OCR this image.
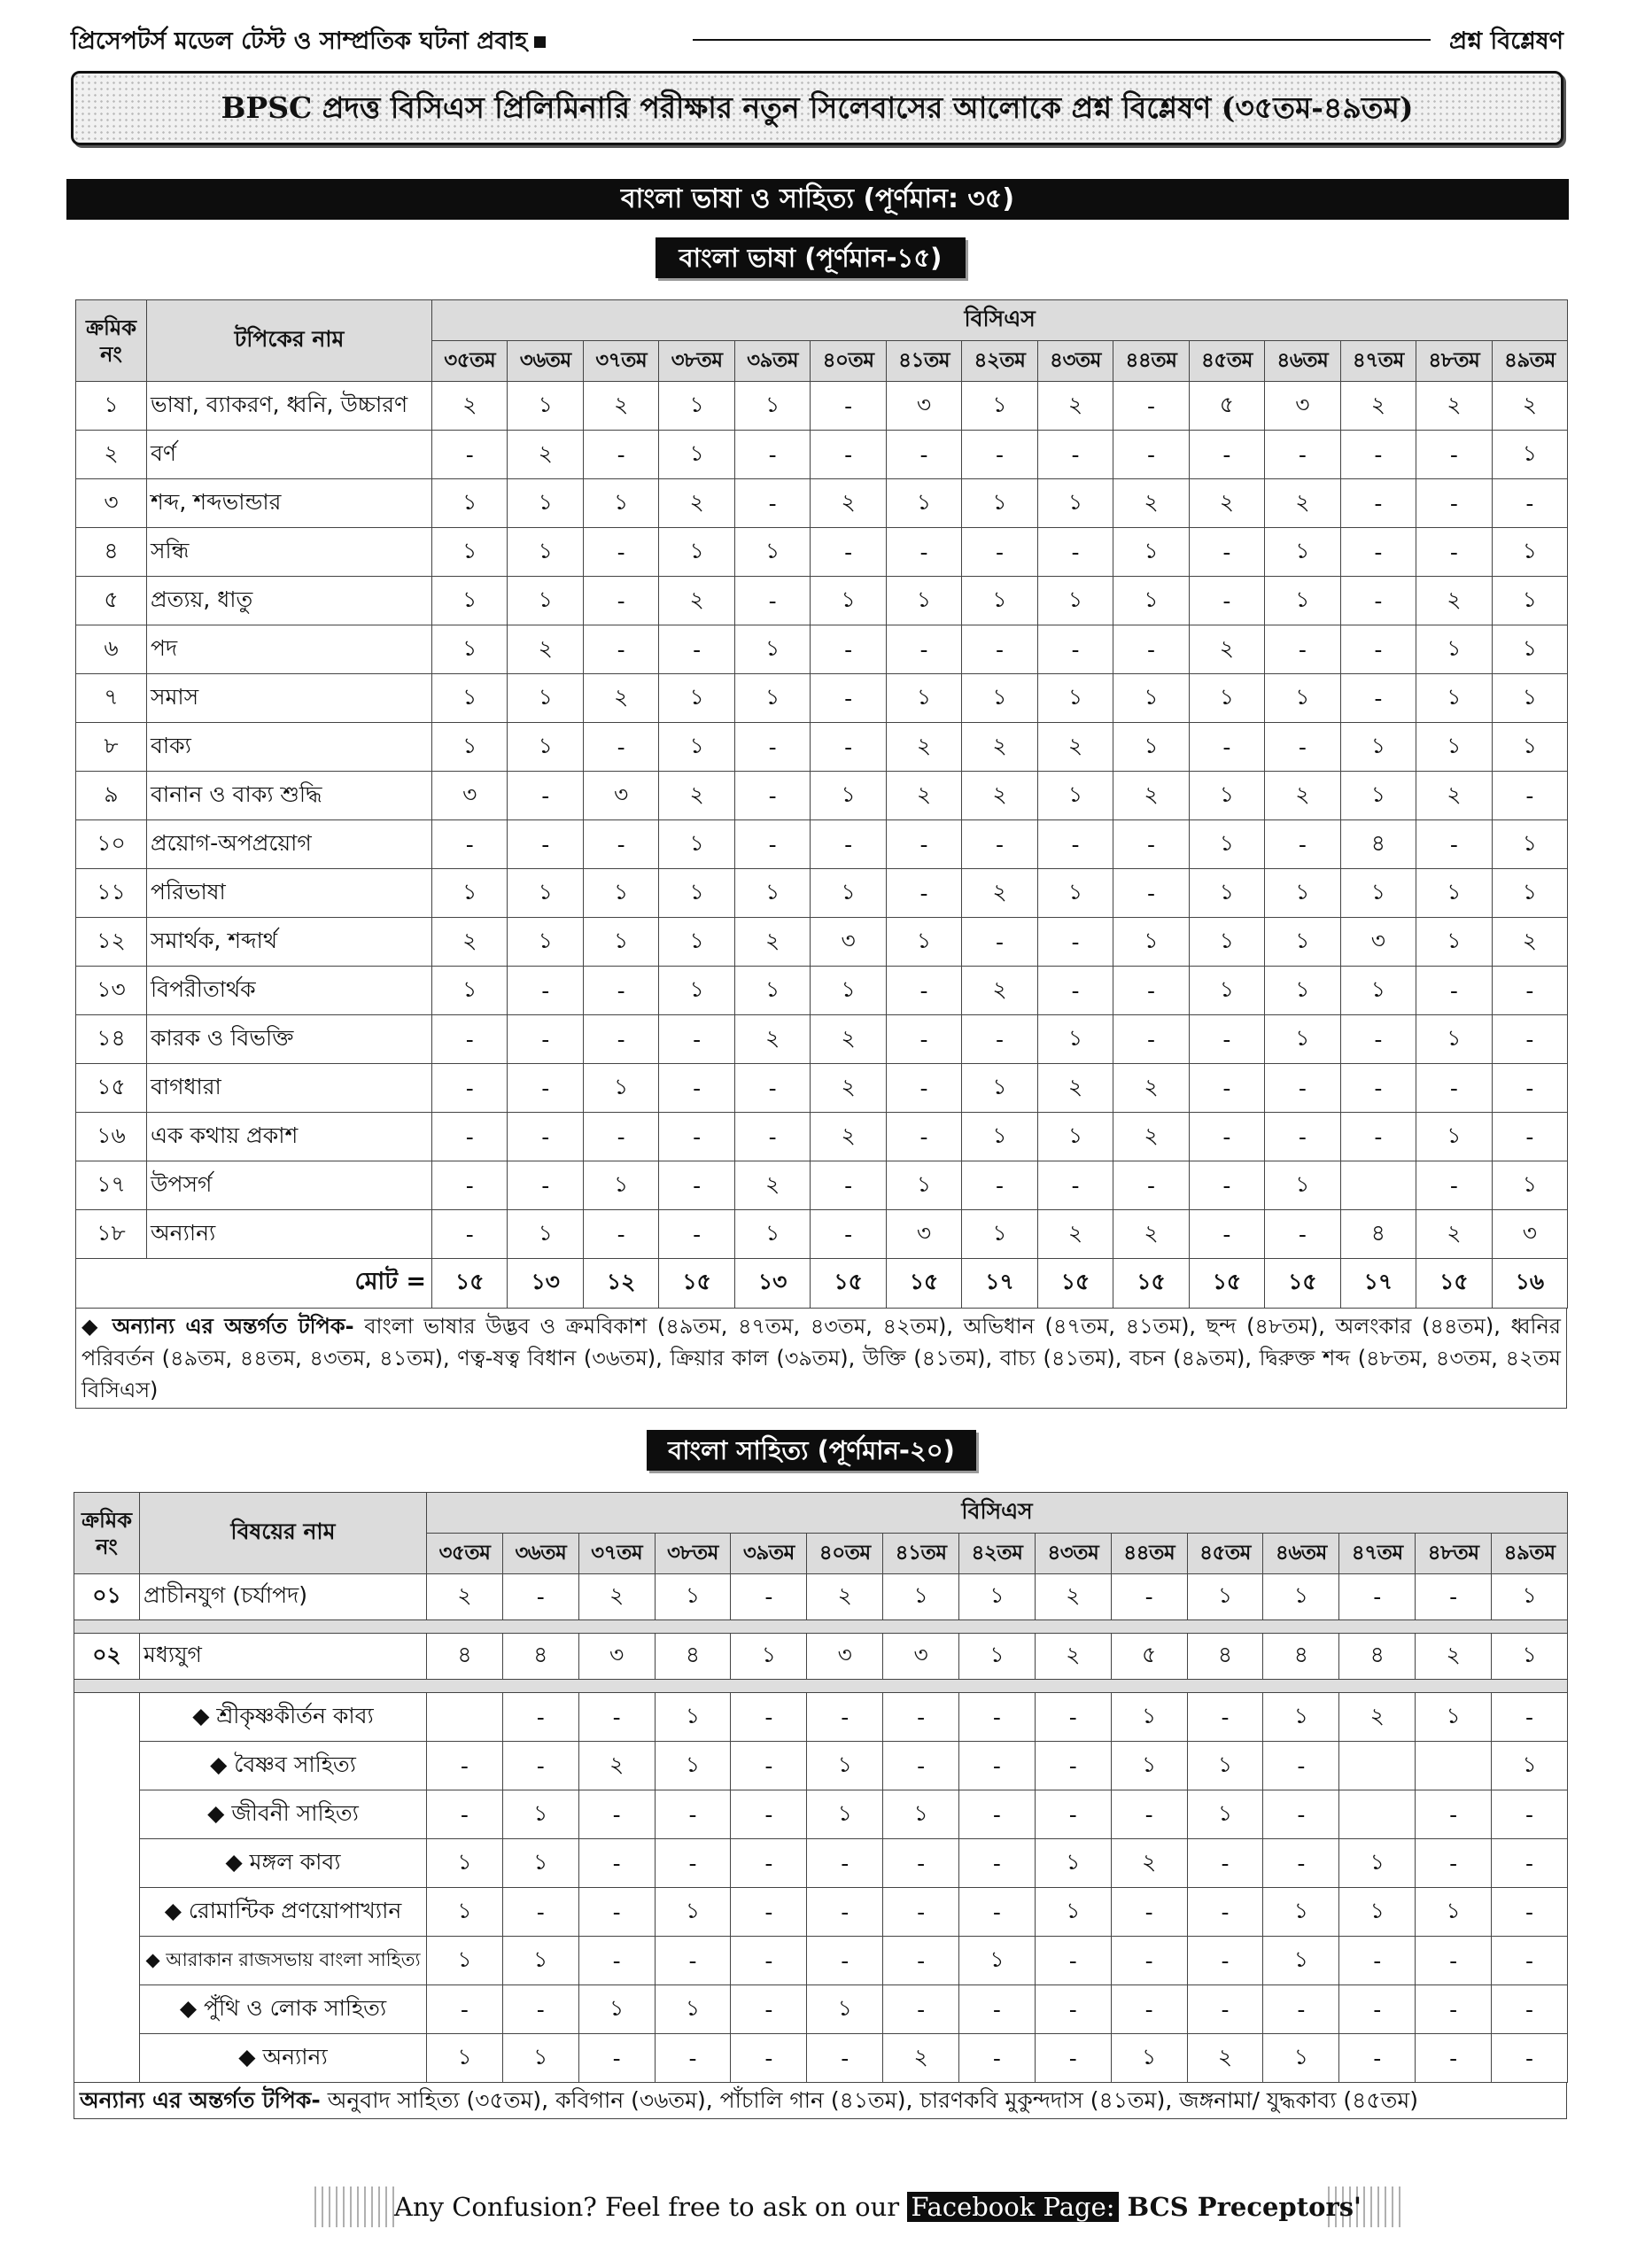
প্রিসেপটর্স মডেল টেস্ট ও সাম্প্রতিক ঘটনা প্রবাহ	প্রশ্ন বিশ্লেষণ
BPSC প্রদত্ত বিসিএস প্রিলিমিনারি পরীক্ষার নতুন সিলেবাসের আলোকে প্রশ্ন বিশ্লেষণ (৩৫তম-৪৯তম)
বাংলা ভাষা ও সাহিত্য (পূর্ণমান: ৩৫)
বাংলা ভাষা (পূর্ণমান-১৫)
ক্রমিক নং	টপিকের নাম	বিসিএস														
		৩৫তম	৩৬তম	৩৭তম	৩৮তম	৩৯তম	৪০তম	৪১তম	৪২তম	৪৩তম	৪৪তম	৪৫তম	৪৬তম	৪৭তম	৪৮তম	৪৯তম
১	ভাষা, ব্যাকরণ, ধ্বনি, উচ্চারণ	২	১	২	১	১	-	৩	১	২	-	৫	৩	২	২	২
২	বর্ণ	-	২	-	১	-	-	-	-	-	-	-	-	-	-	১
৩	শব্দ, শব্দভান্ডার	১	১	১	২	-	২	১	১	১	২	২	২	-	-	-
৪	সন্ধি	১	১	-	১	১	-	-	-	-	১	-	১	-	-	১
৫	প্রত্যয়, ধাতু	১	১	-	২	-	১	১	১	১	১	-	১	-	২	১
৬	পদ	১	২	-	-	১	-	-	-	-	-	২	-	-	১	১
৭	সমাস	১	১	২	১	১	-	১	১	১	১	১	১	-	১	১
৮	বাক্য	১	১	-	১	-	-	২	২	২	১	-	-	১	১	১
৯	বানান ও বাক্য শুদ্ধি	৩	-	৩	২	-	১	২	২	১	২	১	২	১	২	-
১০	প্রয়োগ-অপপ্রয়োগ	-	-	-	১	-	-	-	-	-	-	১	-	৪	-	১
১১	পরিভাষা	১	১	১	১	১	১	-	২	১	-	১	১	১	১	১
১২	সমার্থক, শব্দার্থ	২	১	১	১	২	৩	১	-	-	১	১	১	৩	১	২
১৩	বিপরীতার্থক	১	-	-	১	১	১	-	২	-	-	১	১	১	-	-
১৪	কারক ও বিভক্তি	-	-	-	-	২	২	-	-	১	-	-	১	-	১	-
১৫	বাগধারা	-	-	১	-	-	২	-	১	২	২	-	-	-	-	-
১৬	এক কথায় প্রকাশ	-	-	-	-	-	২	-	১	১	২	-	-	-	১	-
১৭	উপসর্গ	-	-	১	-	২	-	১	-	-	-	-	১		-	১
১৮	অন্যান্য	-	১	-	-	১	-	৩	১	২	২	-	-	৪	২	৩
মোট =		১৫	১৩	১২	১৫	১৩	১৫	১৫	১৭	১৫	১৫	১৫	১৫	১৭	১৫	১৬
◆ অন্যান্য এর অন্তর্গত টপিক- বাংলা ভাষার উদ্ভব ও ক্রমবিকাশ (৪৯তম, ৪৭তম, ৪৩তম, ৪২তম), অভিধান (৪৭তম, ৪১তম), ছন্দ (৪৮তম), অলংকার (৪৪তম), ধ্বনির পরিবর্তন (৪৯তম, ৪৪তম, ৪৩তম, ৪১তম), ণত্ব-ষত্ব বিধান (৩৬তম), ক্রিয়ার কাল (৩৯তম), উক্তি (৪১তম), বাচ্য (৪১তম), বচন (৪৯তম), দ্বিরুক্ত শব্দ (৪৮তম, ৪৩তম, ৪২তম বিসিএস)
বাংলা সাহিত্য (পূর্ণমান-২০)
ক্রমিক নং	বিষয়ের নাম	বিসিএস														
		৩৫তম	৩৬তম	৩৭তম	৩৮তম	৩৯তম	৪০তম	৪১তম	৪২তম	৪৩তম	৪৪তম	৪৫তম	৪৬তম	৪৭তম	৪৮তম	৪৯তম
০১	প্রাচীনযুগ (চর্যাপদ)	২	-	২	১	-	২	১	১	২	-	১	১	-	-	১

০২	মধ্যযুগ	৪	৪	৩	৪	১	৩	৩	১	২	৫	৪	৪	৪	২	১

	◆ শ্রীকৃষ্ণকীর্তন কাব্য		-	-	১	-	-	-	-	-	১	-	১	২	১	-
	◆ বৈষ্ণব সাহিত্য	-	-	২	১	-	১	-	-	-	১	১	-			১
	◆ জীবনী সাহিত্য	-	১	-	-	-	১	১	-	-	-	১	-		-	-
	◆ মঙ্গল কাব্য	১	১	-	-	-	-	-	-	১	২	-	-	১	-	-
	◆ রোমান্টিক প্রণয়োপাখ্যান	১	-	-	১	-	-	-	-	১	-	-	১	১	১	-
	◆ আরাকান রাজসভায় বাংলা সাহিত্য	১	১	-	-	-	-	-	১	-	-	-	১	-	-	-
	◆ পুঁথি ও লোক সাহিত্য	-	-	১	১	-	১	-	-	-	-	-	-	-	-	-
	◆ অন্যান্য	১	১	-	-	-	-	২	-	-	১	২	১	-	-	-
অন্যান্য এর অন্তর্গত টপিক- অনুবাদ সাহিত্য (৩৫তম), কবিগান (৩৬তম), পাঁচালি গান (৪১তম), চারণকবি মুকুন্দদাস (৪১তম), জঙ্গনামা/ যুদ্ধকাব্য (৪৫তম)
Any Confusion? Feel free to ask on our Facebook Page: BCS Preceptors'
